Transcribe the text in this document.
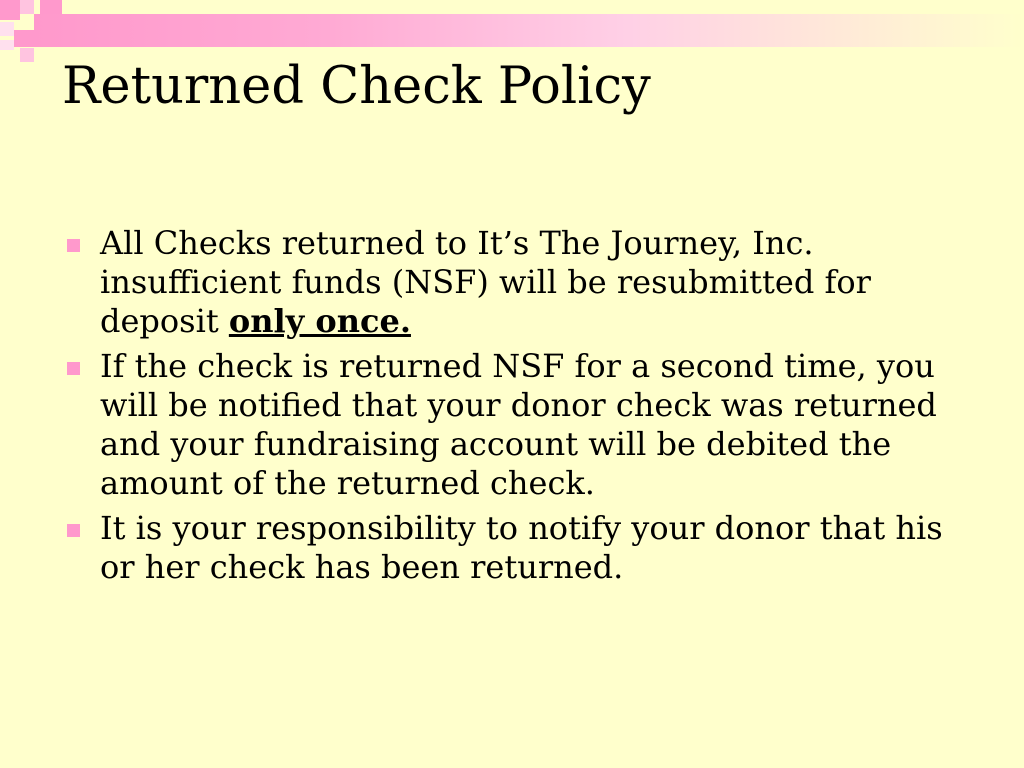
Returned Check Policy
All Checks returned to It’s The Journey, Inc. insufficient funds (NSF) will be resubmitted for deposit only once.
If the check is returned NSF for a second time, you will be notified that your donor check was returned and your fundraising account will be debited the amount of the returned check.
It is your responsibility to notify your donor that his or her check has been returned.
